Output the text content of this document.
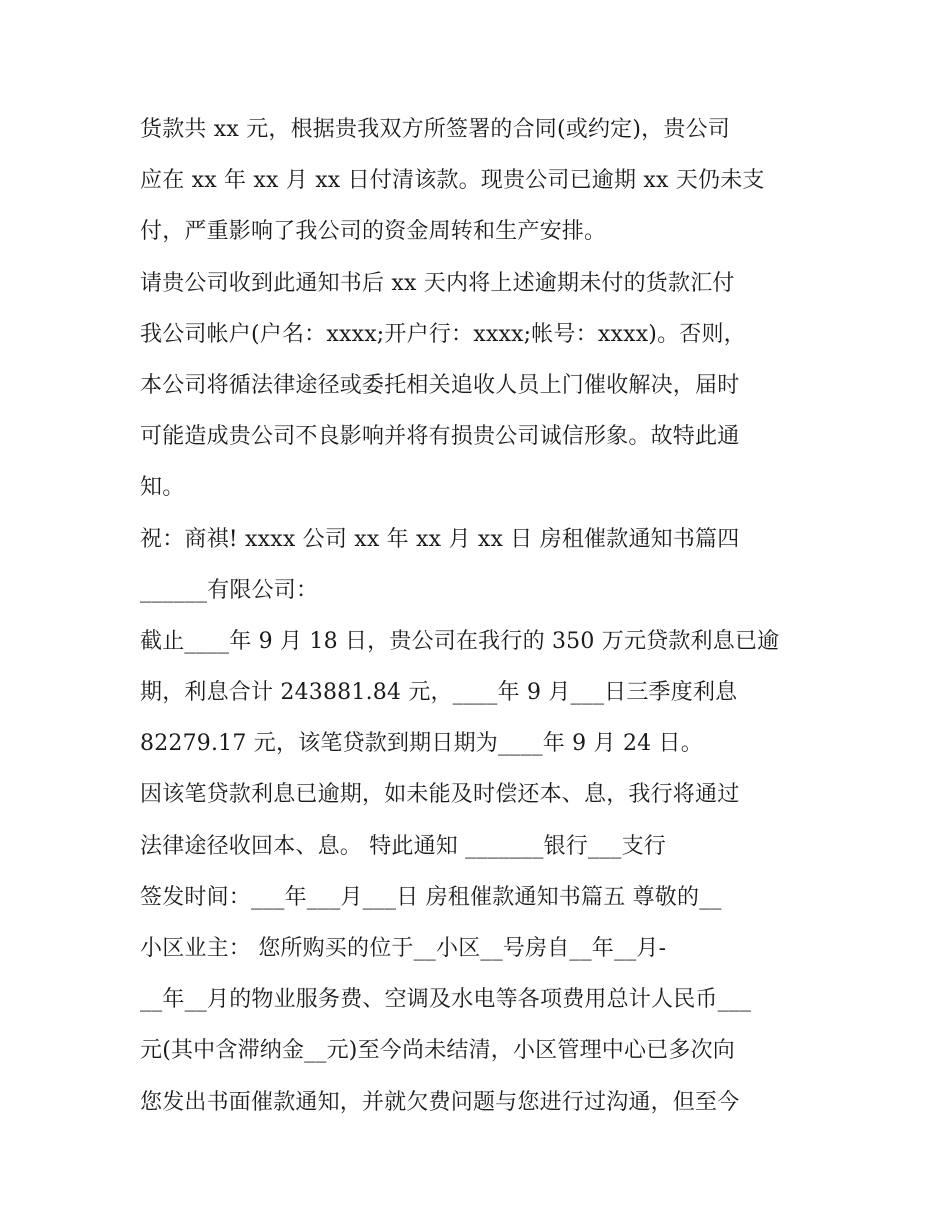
货款共 xx 元，根据贵我双方所签署的合同(或约定)，贵公司
应在 xx 年 xx 月 xx 日付清该款。现贵公司已逾期 xx 天仍未支
付，严重影响了我公司的资金周转和生产安排。
请贵公司收到此通知书后 xx 天内将上述逾期未付的货款汇付
我公司帐户(户名：xxxx;开户行：xxxx;帐号：xxxx)。否则，
本公司将循法律途径或委托相关追收人员上门催收解决，届时
可能造成贵公司不良影响并将有损贵公司诚信形象。故特此通
知。
祝：商祺! xxxx 公司 xx 年 xx 月 xx 日 房租催款通知书篇四
______有限公司：
截止____年 9 月 18 日，贵公司在我行的 350 万元贷款利息已逾
期，利息合计 243881.84 元，____年 9 月___日三季度利息
82279.17 元，该笔贷款到期日期为____年 9 月 24 日。
因该笔贷款利息已逾期，如未能及时偿还本、息，我行将通过
法律途径收回本、息。 特此通知 _______银行___支行
签发时间：___年___月___日 房租催款通知书篇五 尊敬的__
小区业主： 您所购买的位于__小区__号房自__年__月-
__年__月的物业服务费、空调及水电等各项费用总计人民币___
元(其中含滞纳金__元)至今尚未结清，小区管理中心已多次向
您发出书面催款通知，并就欠费问题与您进行过沟通，但至今
